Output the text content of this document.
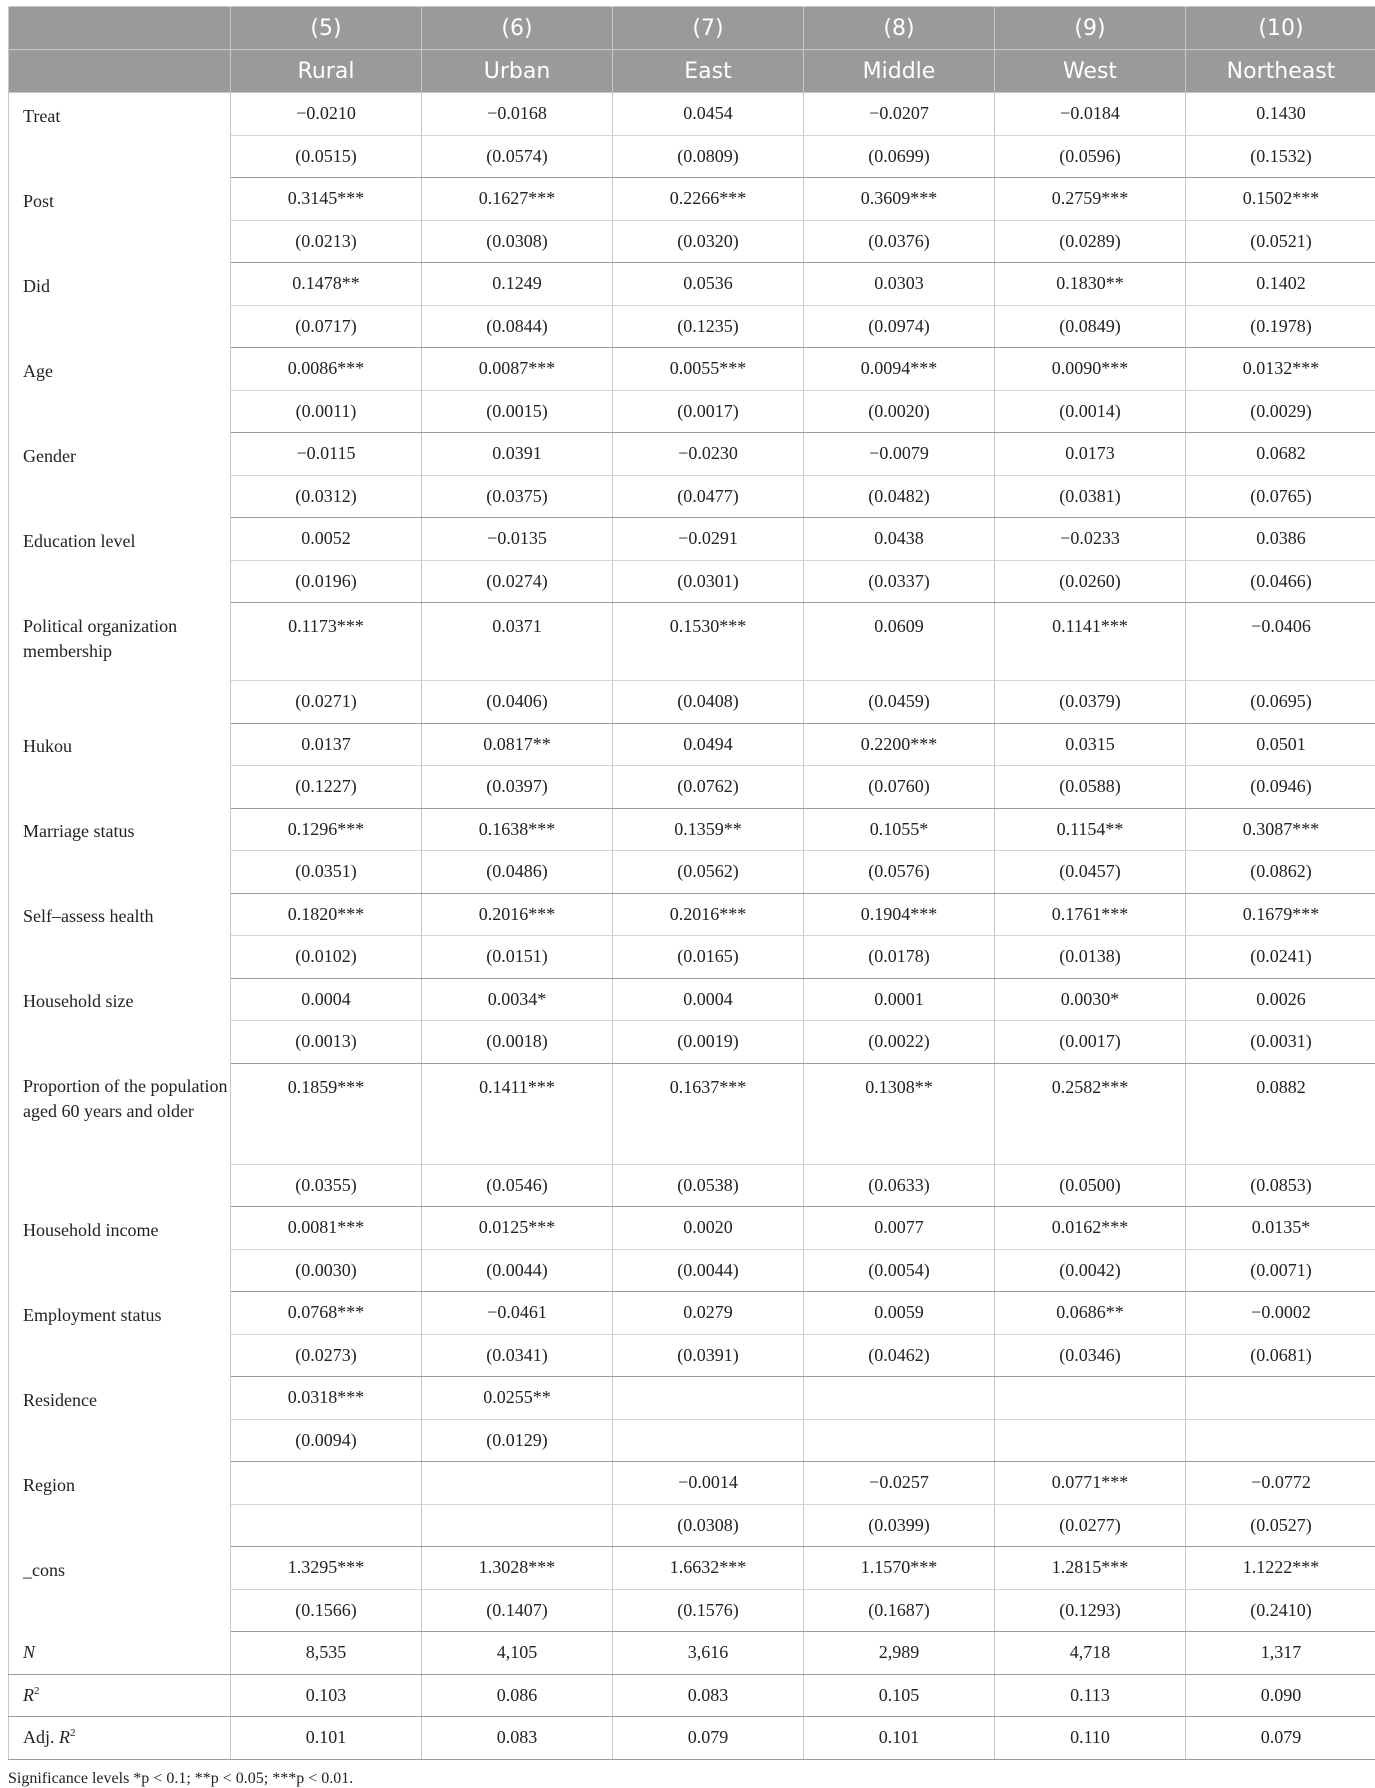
	(5)	(6)	(7)	(8)	(9)	(10)
	Rural	Urban	East	Middle	West	Northeast
Treat	−0.0210	−0.0168	0.0454	−0.0207	−0.0184	0.1430
	(0.0515)	(0.0574)	(0.0809)	(0.0699)	(0.0596)	(0.1532)
Post	0.3145***	0.1627***	0.2266***	0.3609***	0.2759***	0.1502***
	(0.0213)	(0.0308)	(0.0320)	(0.0376)	(0.0289)	(0.0521)
Did	0.1478**	0.1249	0.0536	0.0303	0.1830**	0.1402
	(0.0717)	(0.0844)	(0.1235)	(0.0974)	(0.0849)	(0.1978)
Age	0.0086***	0.0087***	0.0055***	0.0094***	0.0090***	0.0132***
	(0.0011)	(0.0015)	(0.0017)	(0.0020)	(0.0014)	(0.0029)
Gender	−0.0115	0.0391	−0.0230	−0.0079	0.0173	0.0682
	(0.0312)	(0.0375)	(0.0477)	(0.0482)	(0.0381)	(0.0765)
Education level	0.0052	−0.0135	−0.0291	0.0438	−0.0233	0.0386
	(0.0196)	(0.0274)	(0.0301)	(0.0337)	(0.0260)	(0.0466)
Political organization membership	0.1173***	0.0371	0.1530***	0.0609	0.1141***	−0.0406
	(0.0271)	(0.0406)	(0.0408)	(0.0459)	(0.0379)	(0.0695)
Hukou	0.0137	0.0817**	0.0494	0.2200***	0.0315	0.0501
	(0.1227)	(0.0397)	(0.0762)	(0.0760)	(0.0588)	(0.0946)
Marriage status	0.1296***	0.1638***	0.1359**	0.1055*	0.1154**	0.3087***
	(0.0351)	(0.0486)	(0.0562)	(0.0576)	(0.0457)	(0.0862)
Self–assess health	0.1820***	0.2016***	0.2016***	0.1904***	0.1761***	0.1679***
	(0.0102)	(0.0151)	(0.0165)	(0.0178)	(0.0138)	(0.0241)
Household size	0.0004	0.0034*	0.0004	0.0001	0.0030*	0.0026
	(0.0013)	(0.0018)	(0.0019)	(0.0022)	(0.0017)	(0.0031)
Proportion of the population aged 60 years and older	0.1859***	0.1411***	0.1637***	0.1308**	0.2582***	0.0882
	(0.0355)	(0.0546)	(0.0538)	(0.0633)	(0.0500)	(0.0853)
Household income	0.0081***	0.0125***	0.0020	0.0077	0.0162***	0.0135*
	(0.0030)	(0.0044)	(0.0044)	(0.0054)	(0.0042)	(0.0071)
Employment status	0.0768***	−0.0461	0.0279	0.0059	0.0686**	−0.0002
	(0.0273)	(0.0341)	(0.0391)	(0.0462)	(0.0346)	(0.0681)
Residence	0.0318***	0.0255**				
	(0.0094)	(0.0129)				
Region			−0.0014	−0.0257	0.0771***	−0.0772
			(0.0308)	(0.0399)	(0.0277)	(0.0527)
_cons	1.3295***	1.3028***	1.6632***	1.1570***	1.2815***	1.1222***
	(0.1566)	(0.1407)	(0.1576)	(0.1687)	(0.1293)	(0.2410)
N	8,535	4,105	3,616	2,989	4,718	1,317
$R^2$	0.103	0.086	0.083	0.105	0.113	0.090
Adj. $R^2$	0.101	0.083	0.079	0.101	0.110	0.079
Significance levels *p < 0.1; **p < 0.05; ***p < 0.01.
